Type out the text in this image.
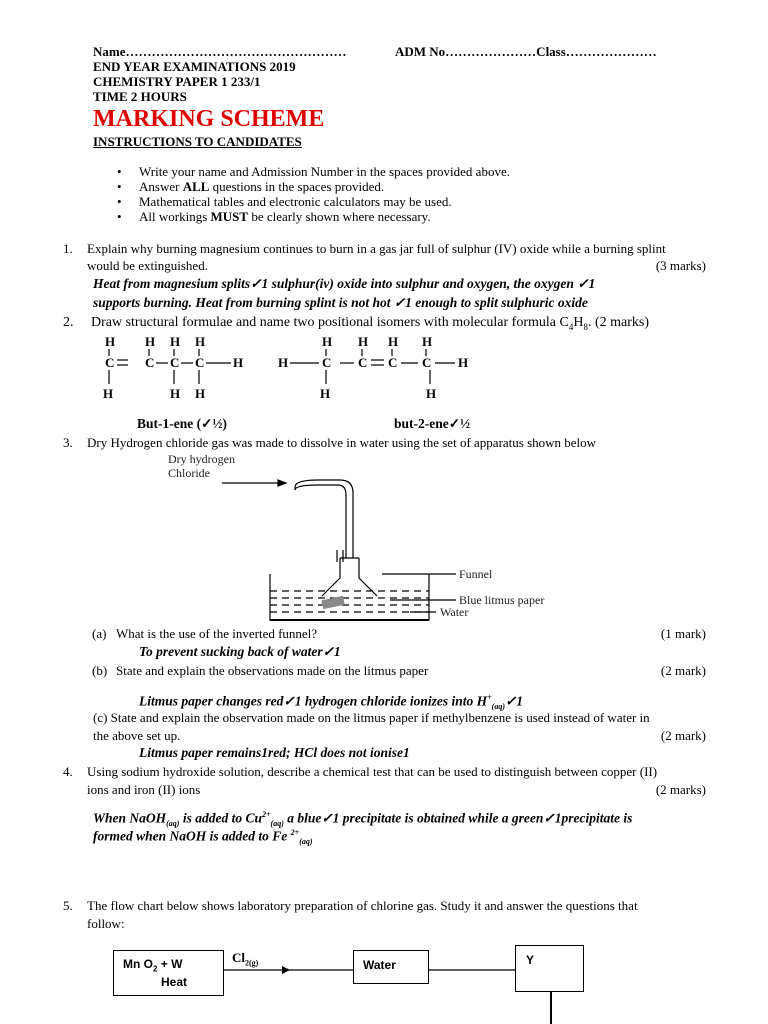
Name……………………………………………	ADM No…………………Class…………………
END YEAR EXAMINATIONS 2019
CHEMISTRY PAPER 1 233/1
TIME 2 HOURS
MARKING SCHEME
INSTRUCTIONS TO CANDIDATES
• Write your name and Admission Number in the spaces provided above.
• Answer ALL questions in the spaces provided.
• Mathematical tables and electronic calculators may be used.
• All workings MUST be clearly shown where necessary.
1. Explain why burning magnesium continues to burn in a gas jar full of sulphur (IV) oxide while a burning splint
would be extinguished.	(3 marks)
Heat from magnesium splits✓1 sulphur(iv) oxide into sulphur and oxygen, the oxygen ✓1
supports burning. Heat from burning splint is not hot ✓1 enough to split sulphuric oxide
2. Draw structural formulae and name two positional isomers with molecular formula $C_4H_8$. (2 marks)
H H H H
C C C C H
H	H H
H H H H
H	C C C C H
H	H
But-1-ene (✓½)	but-2-ene✓½
3. Dry Hydrogen chloride gas was made to dissolve in water using the set of apparatus shown below
Dry hydrogen
Chloride
Funnel
Blue litmus paper
Water
(a) What is the use of the inverted funnel?	(1 mark)
To prevent sucking back of water✓1
(b) State and explain the observations made on the litmus paper	(2 mark)
Litmus paper changes red✓1 hydrogen chloride ionizes into $H^+_{(aq)}✓1$
(c) State and explain the observation made on the litmus paper if methylbenzene is used instead of water in
the above set up.	(2 mark)
Litmus paper remains1red; HCl does not ionise1
4. Using sodium hydroxide solution, describe a chemical test that can be used to distinguish between copper (II)
ions and iron (II) ions	(2 marks)
When NaOH$_{(aq)}$ is added to $Cu^{2+}_{(aq)}$ a blue✓1 precipitate is obtained while a green✓1precipitate is
formed when NaOH is added to Fe $^{2+}_{(aq)}$
5. The flow chart below shows laboratory preparation of chlorine gas. Study it and answer the questions that
follow:
Mn $O_2 + W$
Heat
$Cl_{2(g)}$	Water	Y
